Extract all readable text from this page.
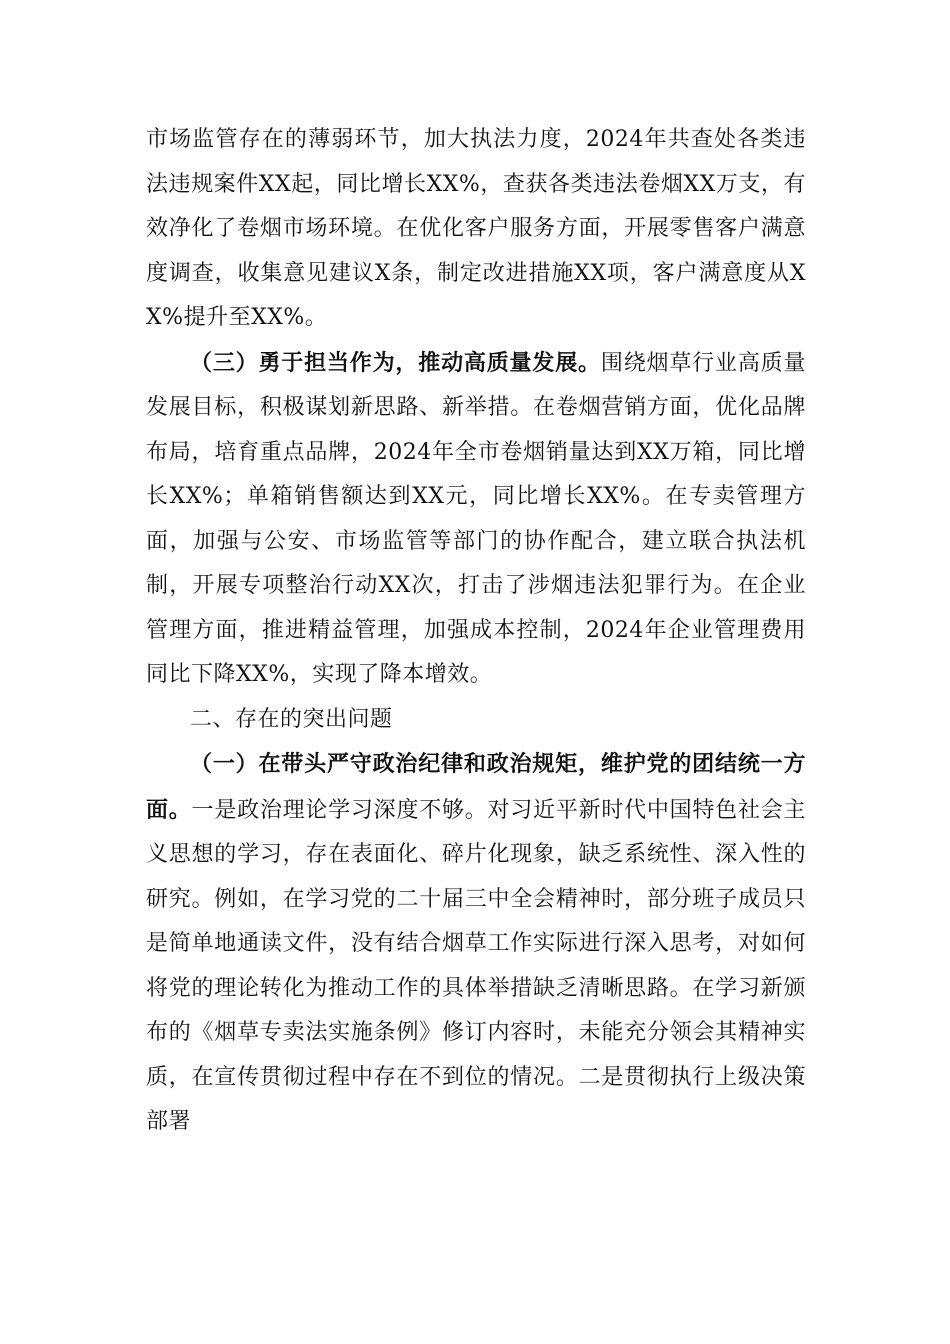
市场监管存在的薄弱环节，加大执法力度，2024年共查处各类违法违规案件XX起，同比增长XX%，查获各类违法卷烟XX万支，有效净化了卷烟市场环境。在优化客户服务方面，开展零售客户满意度调查，收集意见建议X条，制定改进措施XX项，客户满意度从XX%提升至XX%。

（三）勇于担当作为，推动高质量发展。围绕烟草行业高质量发展目标，积极谋划新思路、新举措。在卷烟营销方面，优化品牌布局，培育重点品牌，2024年全市卷烟销量达到XX万箱，同比增长XX%；单箱销售额达到XX元，同比增长XX%。在专卖管理方面，加强与公安、市场监管等部门的协作配合，建立联合执法机制，开展专项整治行动XX次，打击了涉烟违法犯罪行为。在企业管理方面，推进精益管理，加强成本控制，2024年企业管理费用同比下降XX%，实现了降本增效。

二、存在的突出问题

（一）在带头严守政治纪律和政治规矩，维护党的团结统一方面。一是政治理论学习深度不够。对习近平新时代中国特色社会主义思想的学习，存在表面化、碎片化现象，缺乏系统性、深入性的研究。例如，在学习党的二十届三中全会精神时，部分班子成员只是简单地通读文件，没有结合烟草工作实际进行深入思考，对如何将党的理论转化为推动工作的具体举措缺乏清晰思路。在学习新颁布的《烟草专卖法实施条例》修订内容时，未能充分领会其精神实质，在宣传贯彻过程中存在不到位的情况。二是贯彻执行上级决策部署
